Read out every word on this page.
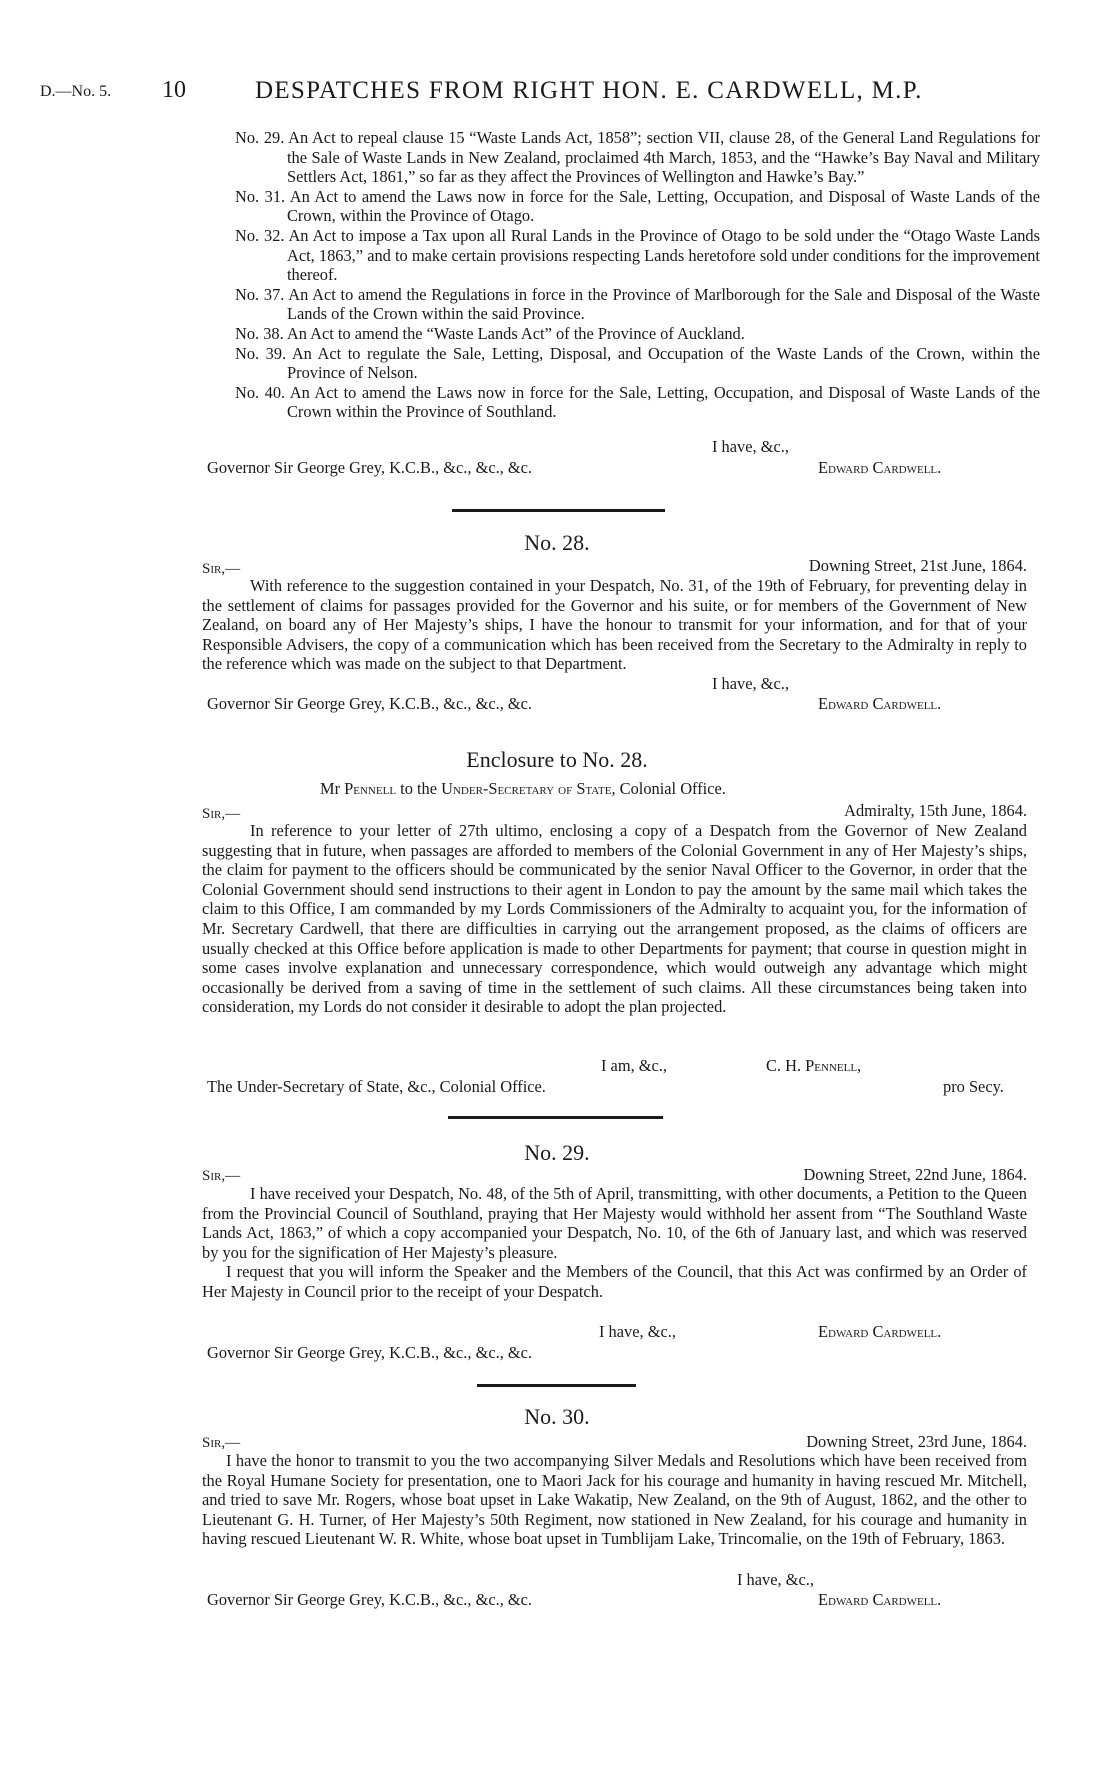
D.—No. 5. 10	DESPATCHES FROM RIGHT HON. E. CARDWELL, M.P.
No. 29. An Act to repeal clause 15 “Waste Lands Act, 1858”; section VII, clause 28, of the General Land Regulations for the Sale of Waste Lands in New Zealand, proclaimed 4th March, 1853, and the “Hawke’s Bay Naval and Military Settlers Act, 1861,” so far as they affect the Provinces of Wellington and Hawke’s Bay.”
No. 31. An Act to amend the Laws now in force for the Sale, Letting, Occupation, and Disposal of Waste Lands of the Crown, within the Province of Otago.
No. 32. An Act to impose a Tax upon all Rural Lands in the Province of Otago to be sold under the “Otago Waste Lands Act, 1863,” and to make certain provisions respecting Lands heretofore sold under conditions for the improvement thereof.
No. 37. An Act to amend the Regulations in force in the Province of Marlborough for the Sale and Disposal of the Waste Lands of the Crown within the said Province.
No. 38. An Act to amend the “Waste Lands Act” of the Province of Auckland.
No. 39. An Act to regulate the Sale, Letting, Disposal, and Occupation of the Waste Lands of the Crown, within the Province of Nelson.
No. 40. An Act to amend the Laws now in force for the Sale, Letting, Occupation, and Disposal of Waste Lands of the Crown within the Province of Southland.
I have, &c.,
Governor Sir George Grey, K.C.B., &c., &c., &c.	Edward Cardwell.
No. 28.
Sir,—	Downing Street, 21st June, 1864.

With reference to the suggestion contained in your Despatch, No. 31, of the 19th of February, for preventing delay in the settlement of claims for passages provided for the Governor and his suite, or for members of the Government of New Zealand, on board any of Her Majesty’s ships, I have the honour to transmit for your information, and for that of your Responsible Advisers, the copy of a communication which has been received from the Secretary to the Admiralty in reply to the reference which was made on the subject to that Department.

I have, &c.,
Governor Sir George Grey, K.C.B., &c., &c., &c.	Edward Cardwell.
Enclosure to No. 28.
Mr Pennell to the Under-Secretary of State, Colonial Office.
Sir,—	Admiralty, 15th June, 1864.

In reference to your letter of 27th ultimo, enclosing a copy of a Despatch from the Governor of New Zealand suggesting that in future, when passages are afforded to members of the Colonial Government in any of Her Majesty’s ships, the claim for payment to the officers should be communicated by the senior Naval Officer to the Governor, in order that the Colonial Government should send instructions to their agent in London to pay the amount by the same mail which takes the claim to this Office, I am commanded by my Lords Commissioners of the Admiralty to acquaint you, for the information of Mr. Secretary Cardwell, that there are difficulties in carrying out the arrangement proposed, as the claims of officers are usually checked at this Office before application is made to other Departments for payment; that course in question might in some cases involve explanation and unnecessary correspondence, which would outweigh any advantage which might occasionally be derived from a saving of time in the settlement of such claims. All these circumstances being taken into consideration, my Lords do not consider it desirable to adopt the plan projected.

I am, &c.,	C. H. Pennell,
The Under-Secretary of State, &c., Colonial Office.	pro Secy.
No. 29.
Sir,—	Downing Street, 22nd June, 1864.

I have received your Despatch, No. 48, of the 5th of April, transmitting, with other documents, a Petition to the Queen from the Provincial Council of Southland, praying that Her Majesty would withhold her assent from “The Southland Waste Lands Act, 1863,” of which a copy accompanied your Despatch, No. 10, of the 6th of January last, and which was reserved by you for the signification of Her Majesty’s pleasure.

I request that you will inform the Speaker and the Members of the Council, that this Act was confirmed by an Order of Her Majesty in Council prior to the receipt of your Despatch.

I have, &c.,	Edward Cardwell.
Governor Sir George Grey, K.C.B., &c., &c., &c.
No. 30.
Sir,—	Downing Street, 23rd June, 1864.

I have the honor to transmit to you the two accompanying Silver Medals and Resolutions which have been received from the Royal Humane Society for presentation, one to Maori Jack for his courage and humanity in having rescued Mr. Mitchell, and tried to save Mr. Rogers, whose boat upset in Lake Wakatip, New Zealand, on the 9th of August, 1862, and the other to Lieutenant G. H. Turner, of Her Majesty’s 50th Regiment, now stationed in New Zealand, for his courage and humanity in having rescued Lieutenant W. R. White, whose boat upset in Tumblijam Lake, Trincomalie, on the 19th of February, 1863.

I have, &c.,
Governor Sir George Grey, K.C.B., &c., &c., &c.	Edward Cardwell.
